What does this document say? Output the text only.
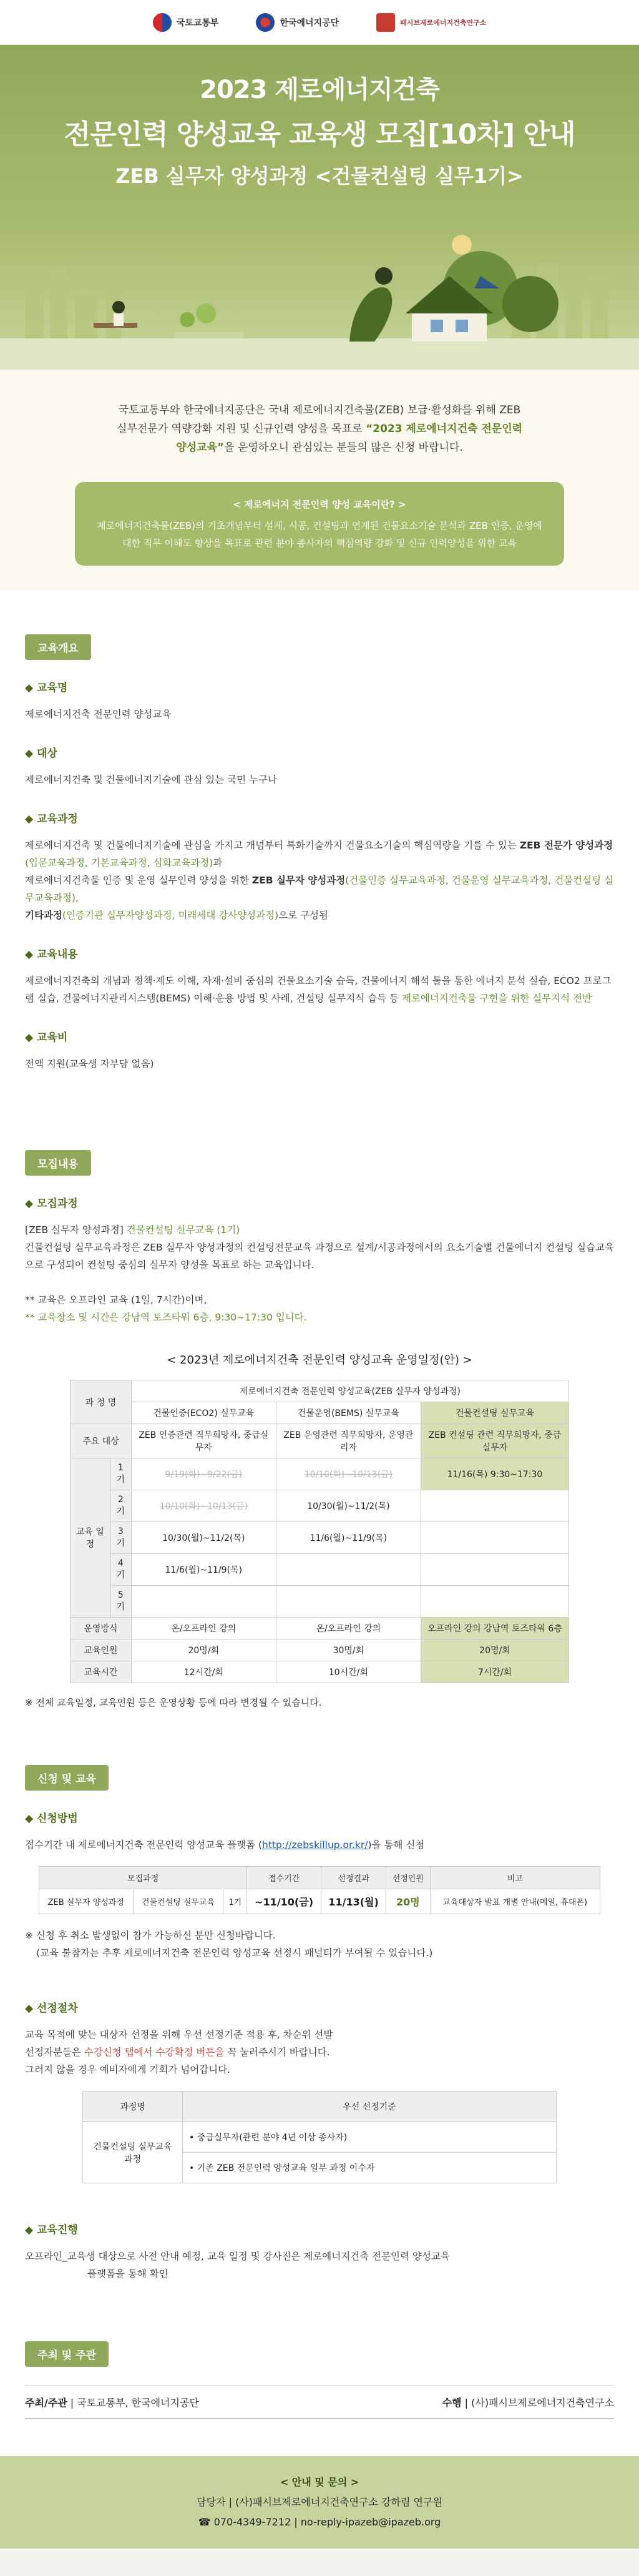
국토교통부	한국에너지공단	패시브제로에너지건축연구소
2023 제로에너지건축
전문인력 양성교육 교육생 모집[10차] 안내
ZEB 실무자 양성과정 <건물컨설팅 실무1기>

국토교통부와 한국에너지공단은 국내 제로에너지건축물(ZEB) 보급·활성화를 위해 ZEB
실무전문가 역량강화 지원 및 신규인력 양성을 목표로 “2023 제로에너지건축 전문인력
양성교육”을 운영하오니 관심있는 분들의 많은 신청 바랍니다.

< 제로에너지 전문인력 양성 교육이란? >
제로에너지건축물(ZEB)의 기초개념부터 설계, 시공, 컨설팅과 연계된 건물요소기술 분석과 ZEB 인증, 운영에 대한 직무 이해도 향상을 목표로 관련 분야 종사자의 핵심역량 강화 및 신규 인력양성을 위한 교육
교육개요
◆ 교육명
제로에너지건축 전문인력 양성교육
◆ 대상
제로에너지건축 및 건물에너지기술에 관심 있는 국민 누구나
◆ 교육과정
제로에너지건축 및 건물에너지기술에 관심을 가지고 개념부터 특화기술까지 건물요소기술의 핵심역량을 기를 수 있는 ZEB 전문가 양성과정(입문교육과정, 기본교육과정, 심화교육과정)과
제로에너지건축물 인증 및 운영 실무인력 양성을 위한 ZEB 실무자 양성과정(건물인증 실무교육과정, 건물운영 실무교육과정, 건물컨설팅 실무교육과정),
기타과정(인증기관 실무자양성과정, 미래세대 강사양성과정)으로 구성됨
◆ 교육내용
제로에너지건축의 개념과 정책·제도 이해, 자재·설비 중심의 건물요소기술 습득, 건물에너지 해석 툴을 통한 에너지 분석 실습, ECO2 프로그램 실습, 건물에너지관리시스템(BEMS) 이해·운용 방법 및 사례, 건설팅 실무지식 습득 등 제로에너지건축물 구현을 위한 실무지식 전반
◆ 교육비
전액 지원(교육생 자부담 없음)
모집내용
◆ 모집과정
[ZEB 실무자 양성과정] 건물컨설팅 실무교육 (1기)
건물컨설팅 실무교육과정은 ZEB 실무자 양성과정의 컨설팅전문교육 과정으로 설계/시공과정에서의 요소기술별 건물에너지 컨설팅 실습교육으로 구성되어 컨설팅 중심의 실무자 양성을 목표로 하는 교육입니다.

** 교육은 오프라인 교육 (1일, 7시간)이며,
** 교육장소 및 시간은 강남역 토즈타워 6층, 9:30~17:30 입니다.
< 2023년 제로에너지건축 전문인력 양성교육 운영일정(안) >
과 정 명		제로에너지건축 전문인력 양성교육(ZEB 실무자 양성과정)		
		건물인증(ECO2) 실무교육	건물운영(BEMS) 실무교육	건물컨설팅 실무교육
주요 대상		ZEB 인증관련 직무희망자, 중급실무자	ZEB 운영관련 직무희망자, 운영관리자	ZEB 컨설팅 관련 직무희망자, 중급실무자
교육 일정	1기	9/19(화)~9/22(금)	10/10(화)~10/13(금)	11/16(목) 9:30~17:30
	2기	10/10(화)~10/13(금)	10/30(월)~11/2(목)	
	3기	10/30(월)~11/2(목)	11/6(월)~11/9(목)	
	4기	11/6(월)~11/9(목)		
	5기			
운영방식		온/오프라인 강의	온/오프라인 강의	오프라인 강의 강남역 토즈타워 6층
교육인원		20명/회	30명/회	20명/회
교육시간		12시간/회	10시간/회	7시간/회
※ 전체 교육일정, 교육인원 등은 운영상황 등에 따라 변경될 수 있습니다.
신청 및 교육
◆ 신청방법
접수기간 내 제로에너지건축 전문인력 양성교육 플랫폼 (http://zebskillup.or.kr/)을 통해 신청
모집과정			접수기간	선정결과	선정인원	비고
ZEB 실무자 양성과정	건물컨설팅 실무교육	1기	~11/10(금)	11/13(월)	20명	교육대상자 발표 개별 안내(메일, 휴대폰)
※ 신청 후 취소 발생없이 참가 가능하신 분만 신청바랍니다.
(교육 불참자는 추후 제로에너지건축 전문인력 양성교육 선정시 패널티가 부여될 수 있습니다.)
◆ 선정절차
교육 목적에 맞는 대상자 선정을 위해 우선 선정기준 적용 후, 차순위 선발
선정자분들은 수강신청 탭에서 수강확정 버튼을 꼭 눌러주시기 바랍니다.
그러지 않을 경우 예비자에게 기회가 넘어갑니다.
과정명	우선 선정기준
건물컨설팅 실무교육과정	• 중급실무자(관련 분야 4년 이상 종사자)
	• 기존 ZEB 전문인력 양성교육 일부 과정 이수자
◆ 교육진행
오프라인_교육생 대상으로 사전 안내 예정, 교육 일정 및 강사진은 제로에너지건축 전문인력 양성교육
플랫폼을 통해 확인
주최 및 주관
주최/주관 | 국토교통부, 한국에너지공단	수행 | (사)패시브제로에너지건축연구소
< 안내 및 문의 >
담당자 | (사)패시브제로에너지건축연구소 강하림 연구원
☎ 070-4349-7212 | no-reply-ipazeb@ipazeb.org
